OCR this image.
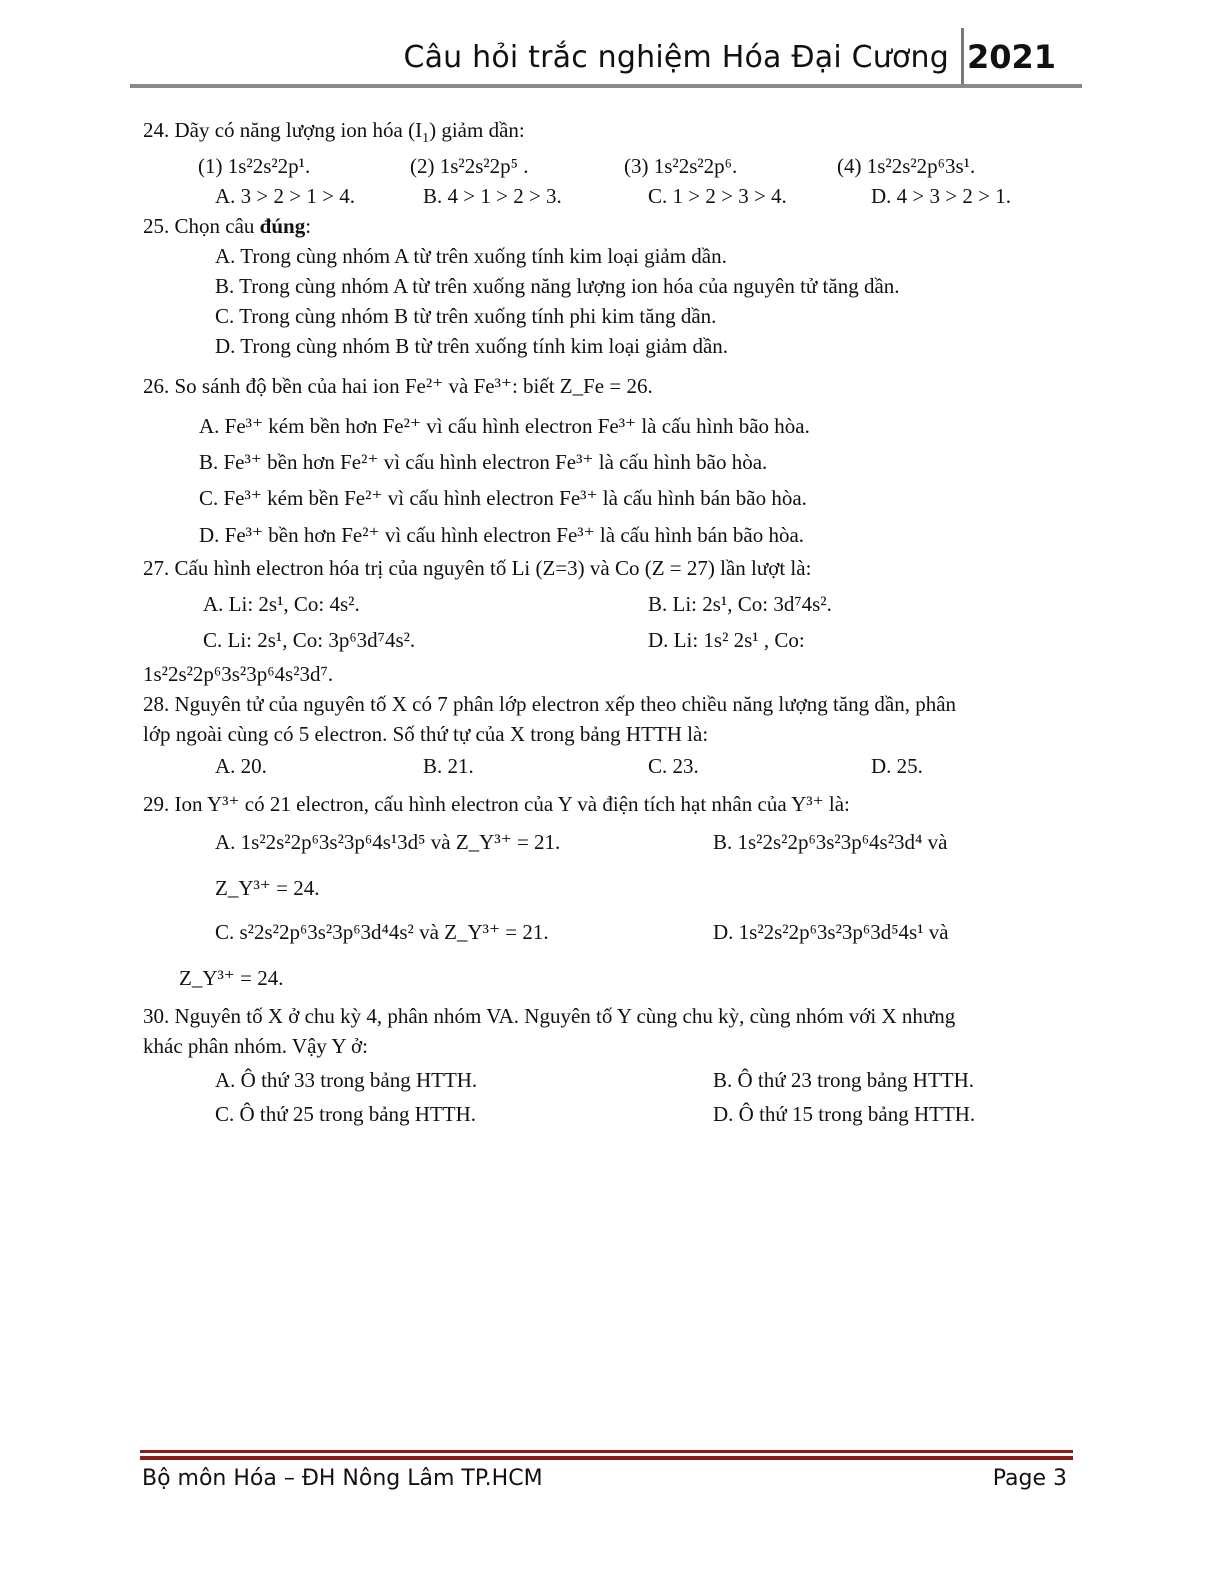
Câu hỏi trắc nghiệm Hóa Đại Cương 2021
24. Dãy có năng lượng ion hóa $(I_1)$ giảm dần:
(1) 1s²2s²2p¹.	(2) 1s²2s²2p⁵ .	(3) 1s²2s²2p⁶.	(4) 1s²2s²2p⁶3s¹.
A. 3 > 2 > 1 > 4.	B. 4 > 1 > 2 > 3.	C. 1 > 2 > 3 > 4.	D. 4 > 3 > 2 > 1.
25. Chọn câu đúng:
A. Trong cùng nhóm A từ trên xuống tính kim loại giảm dần.
B. Trong cùng nhóm A từ trên xuống năng lượng ion hóa của nguyên tử tăng dần.
C. Trong cùng nhóm B từ trên xuống tính phi kim tăng dần.
D. Trong cùng nhóm B từ trên xuống tính kim loại giảm dần.
26. So sánh độ bền của hai ion Fe²⁺ và Fe³⁺: biết Z_Fe = 26.
A. Fe³⁺ kém bền hơn Fe²⁺ vì cấu hình electron Fe³⁺ là cấu hình bão hòa.
B. Fe³⁺ bền hơn Fe²⁺ vì cấu hình electron Fe³⁺ là cấu hình bão hòa.
C. Fe³⁺ kém bền Fe²⁺ vì cấu hình electron Fe³⁺ là cấu hình bán bão hòa.
D. Fe³⁺ bền hơn Fe²⁺ vì cấu hình electron Fe³⁺ là cấu hình bán bão hòa.
27. Cấu hình electron hóa trị của nguyên tố Li (Z=3) và Co (Z = 27) lần lượt là:
A. Li: 2s¹, Co: 4s².	B. Li: 2s¹, Co: 3d⁷4s².
C. Li: 2s¹, Co: 3p⁶3d⁷4s².	D. Li: 1s² 2s¹ , Co:
1s²2s²2p⁶3s²3p⁶4s²3d⁷.
28. Nguyên tử của nguyên tố X có 7 phân lớp electron xếp theo chiều năng lượng tăng dần, phân
lớp ngoài cùng có 5 electron. Số thứ tự của X trong bảng HTTH là:
A. 20.	B. 21.	C. 23.	D. 25.
29. Ion Y³⁺ có 21 electron, cấu hình electron của Y và điện tích hạt nhân của Y³⁺ là:
A. 1s²2s²2p⁶3s²3p⁶4s¹3d⁵ và Z_Y³⁺ = 21.	B. 1s²2s²2p⁶3s²3p⁶4s²3d⁴ và
Z_Y³⁺ = 24.
C. s²2s²2p⁶3s²3p⁶3d⁴4s² và Z_Y³⁺ = 21.	D. 1s²2s²2p⁶3s²3p⁶3d⁵4s¹ và
Z_Y³⁺ = 24.
30. Nguyên tố X ở chu kỳ 4, phân nhóm VA. Nguyên tố Y cùng chu kỳ, cùng nhóm với X nhưng
khác phân nhóm. Vậy Y ở:
A. Ô thứ 33 trong bảng HTTH.	B. Ô thứ 23 trong bảng HTTH.
C. Ô thứ 25 trong bảng HTTH.	D. Ô thứ 15 trong bảng HTTH.
Bộ môn Hóa – ĐH Nông Lâm TP.HCM	Page 3
